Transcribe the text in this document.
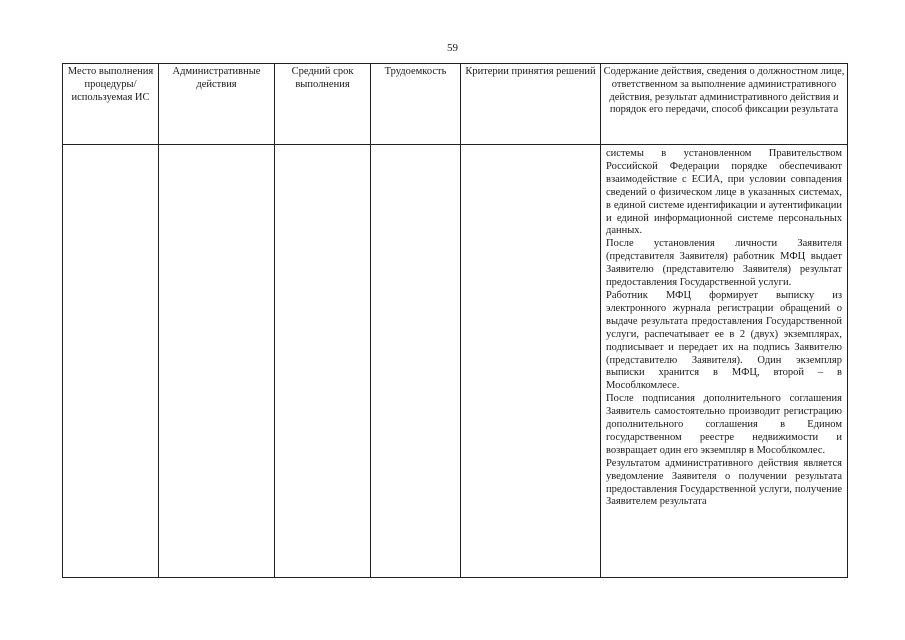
59
Место выполнения процедуры/используемая ИС	Административные действия	Средний срок выполнения	Трудоемкость	Критерии принятия решений	Содержание действия, сведения о должностном лице, ответственном за выполнение административного действия, результат административного действия и порядок его передачи, способ фиксации результата

					системы в установленном Правительством Российской Федерации порядке обеспечивают взаимодействие с ЕСИА, при условии совпадения сведений о физическом лице в указанных системах, в единой системе идентификации и аутентификации и единой информационной системе персональных данных.

После установления личности Заявителя (представителя Заявителя) работник МФЦ выдает Заявителю (представителю Заявителя) результат предоставления Государственной услуги.

Работник МФЦ формирует выписку из электронного журнала регистрации обращений о выдаче результата предоставления Государственной услуги, распечатывает ее в 2 (двух) экземплярах, подписывает и передает их на подпись Заявителю (представителю Заявителя). Один экземпляр выписки хранится в МФЦ, второй – в Мособлкомлесе.

После подписания дополнительного соглашения Заявитель самостоятельно производит регистрацию дополнительного соглашения в Едином государственном реестре недвижимости и возвращает один его экземпляр в Мособлкомлес.

Результатом административного действия является уведомление Заявителя о получении результата предоставления Государственной услуги, получение Заявителем результата
